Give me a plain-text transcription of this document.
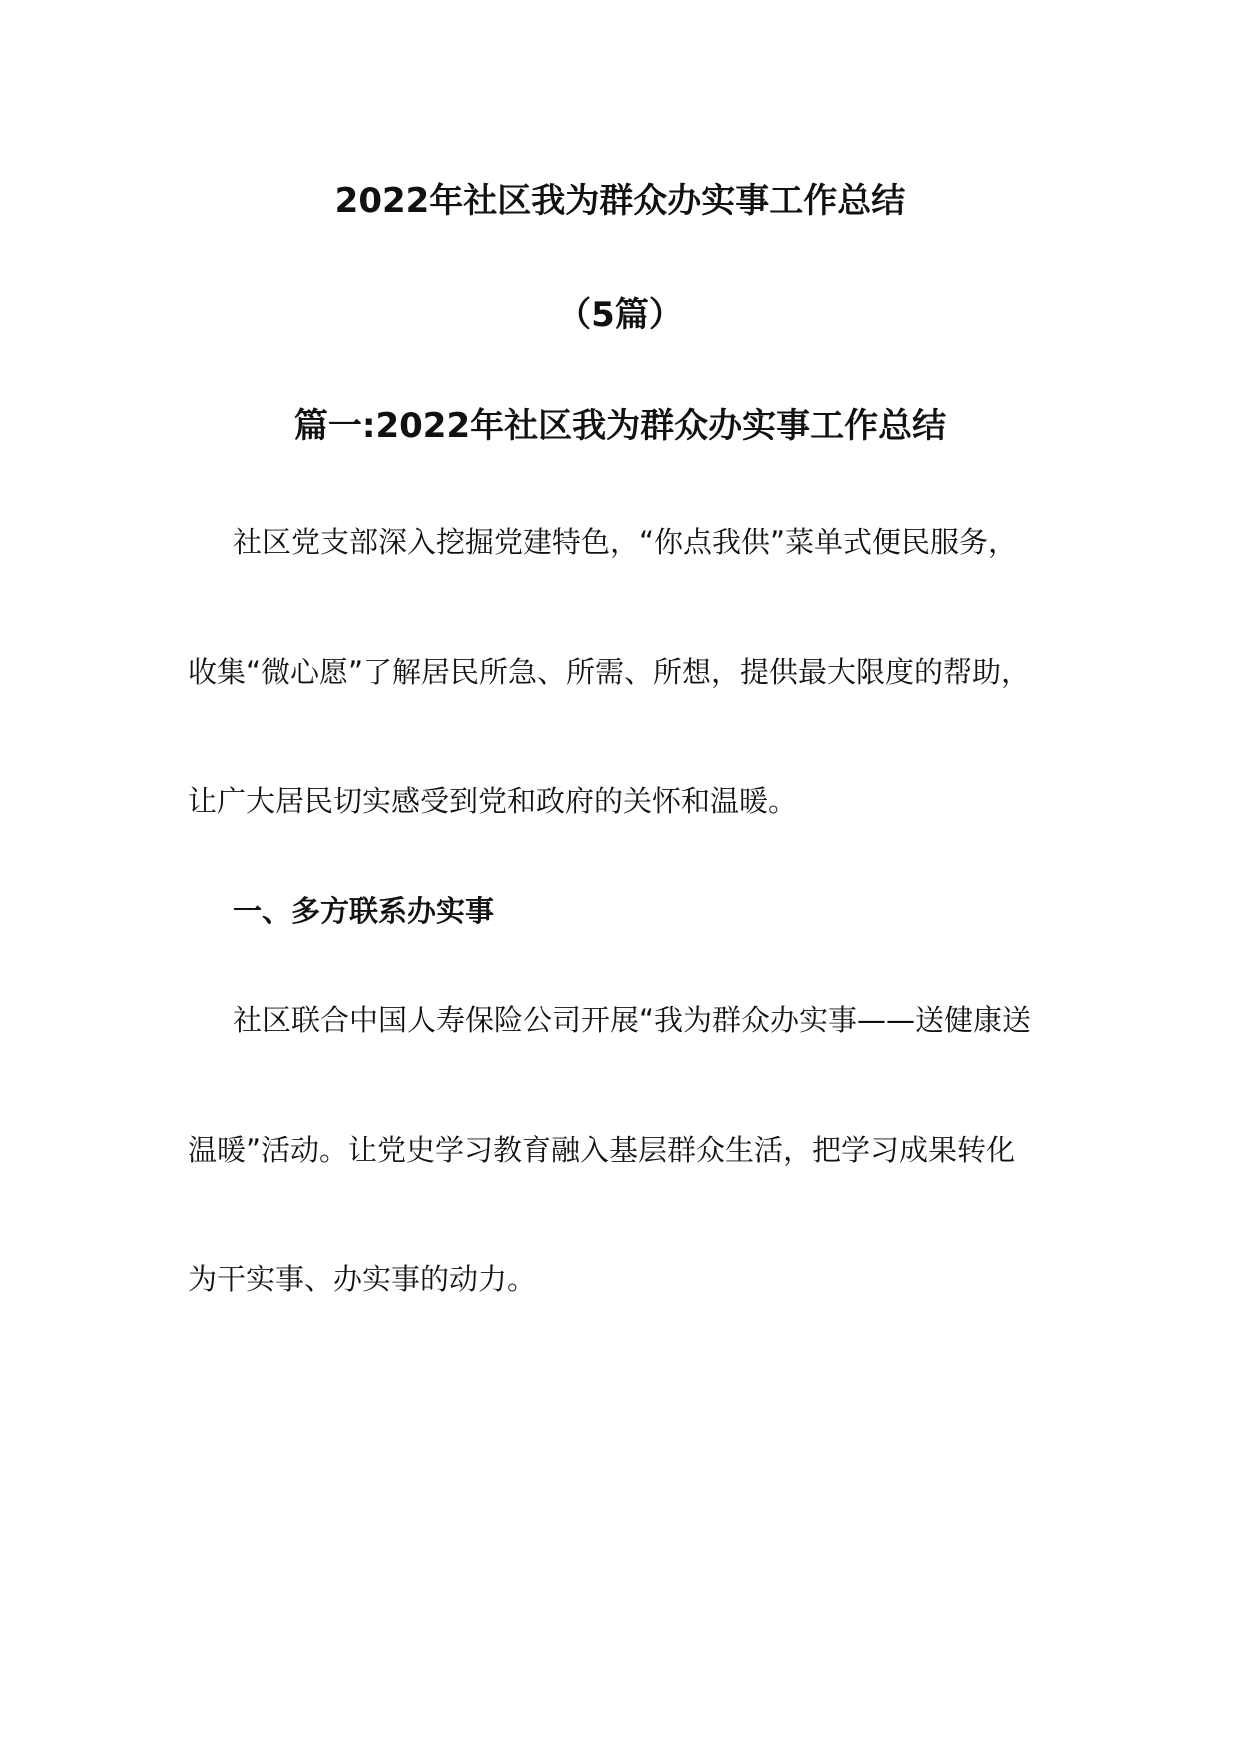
2022年社区我为群众办实事工作总结
（5篇）
篇一:2022年社区我为群众办实事工作总结
社区党支部深入挖掘党建特色，“你点我供”菜单式便民服务，
收集“微心愿”了解居民所急、所需、所想，提供最大限度的帮助，
让广大居民切实感受到党和政府的关怀和温暖。
一、多方联系办实事
社区联合中国人寿保险公司开展“我为群众办实事——送健康送
温暖”活动。让党史学习教育融入基层群众生活，把学习成果转化
为干实事、办实事的动力。
